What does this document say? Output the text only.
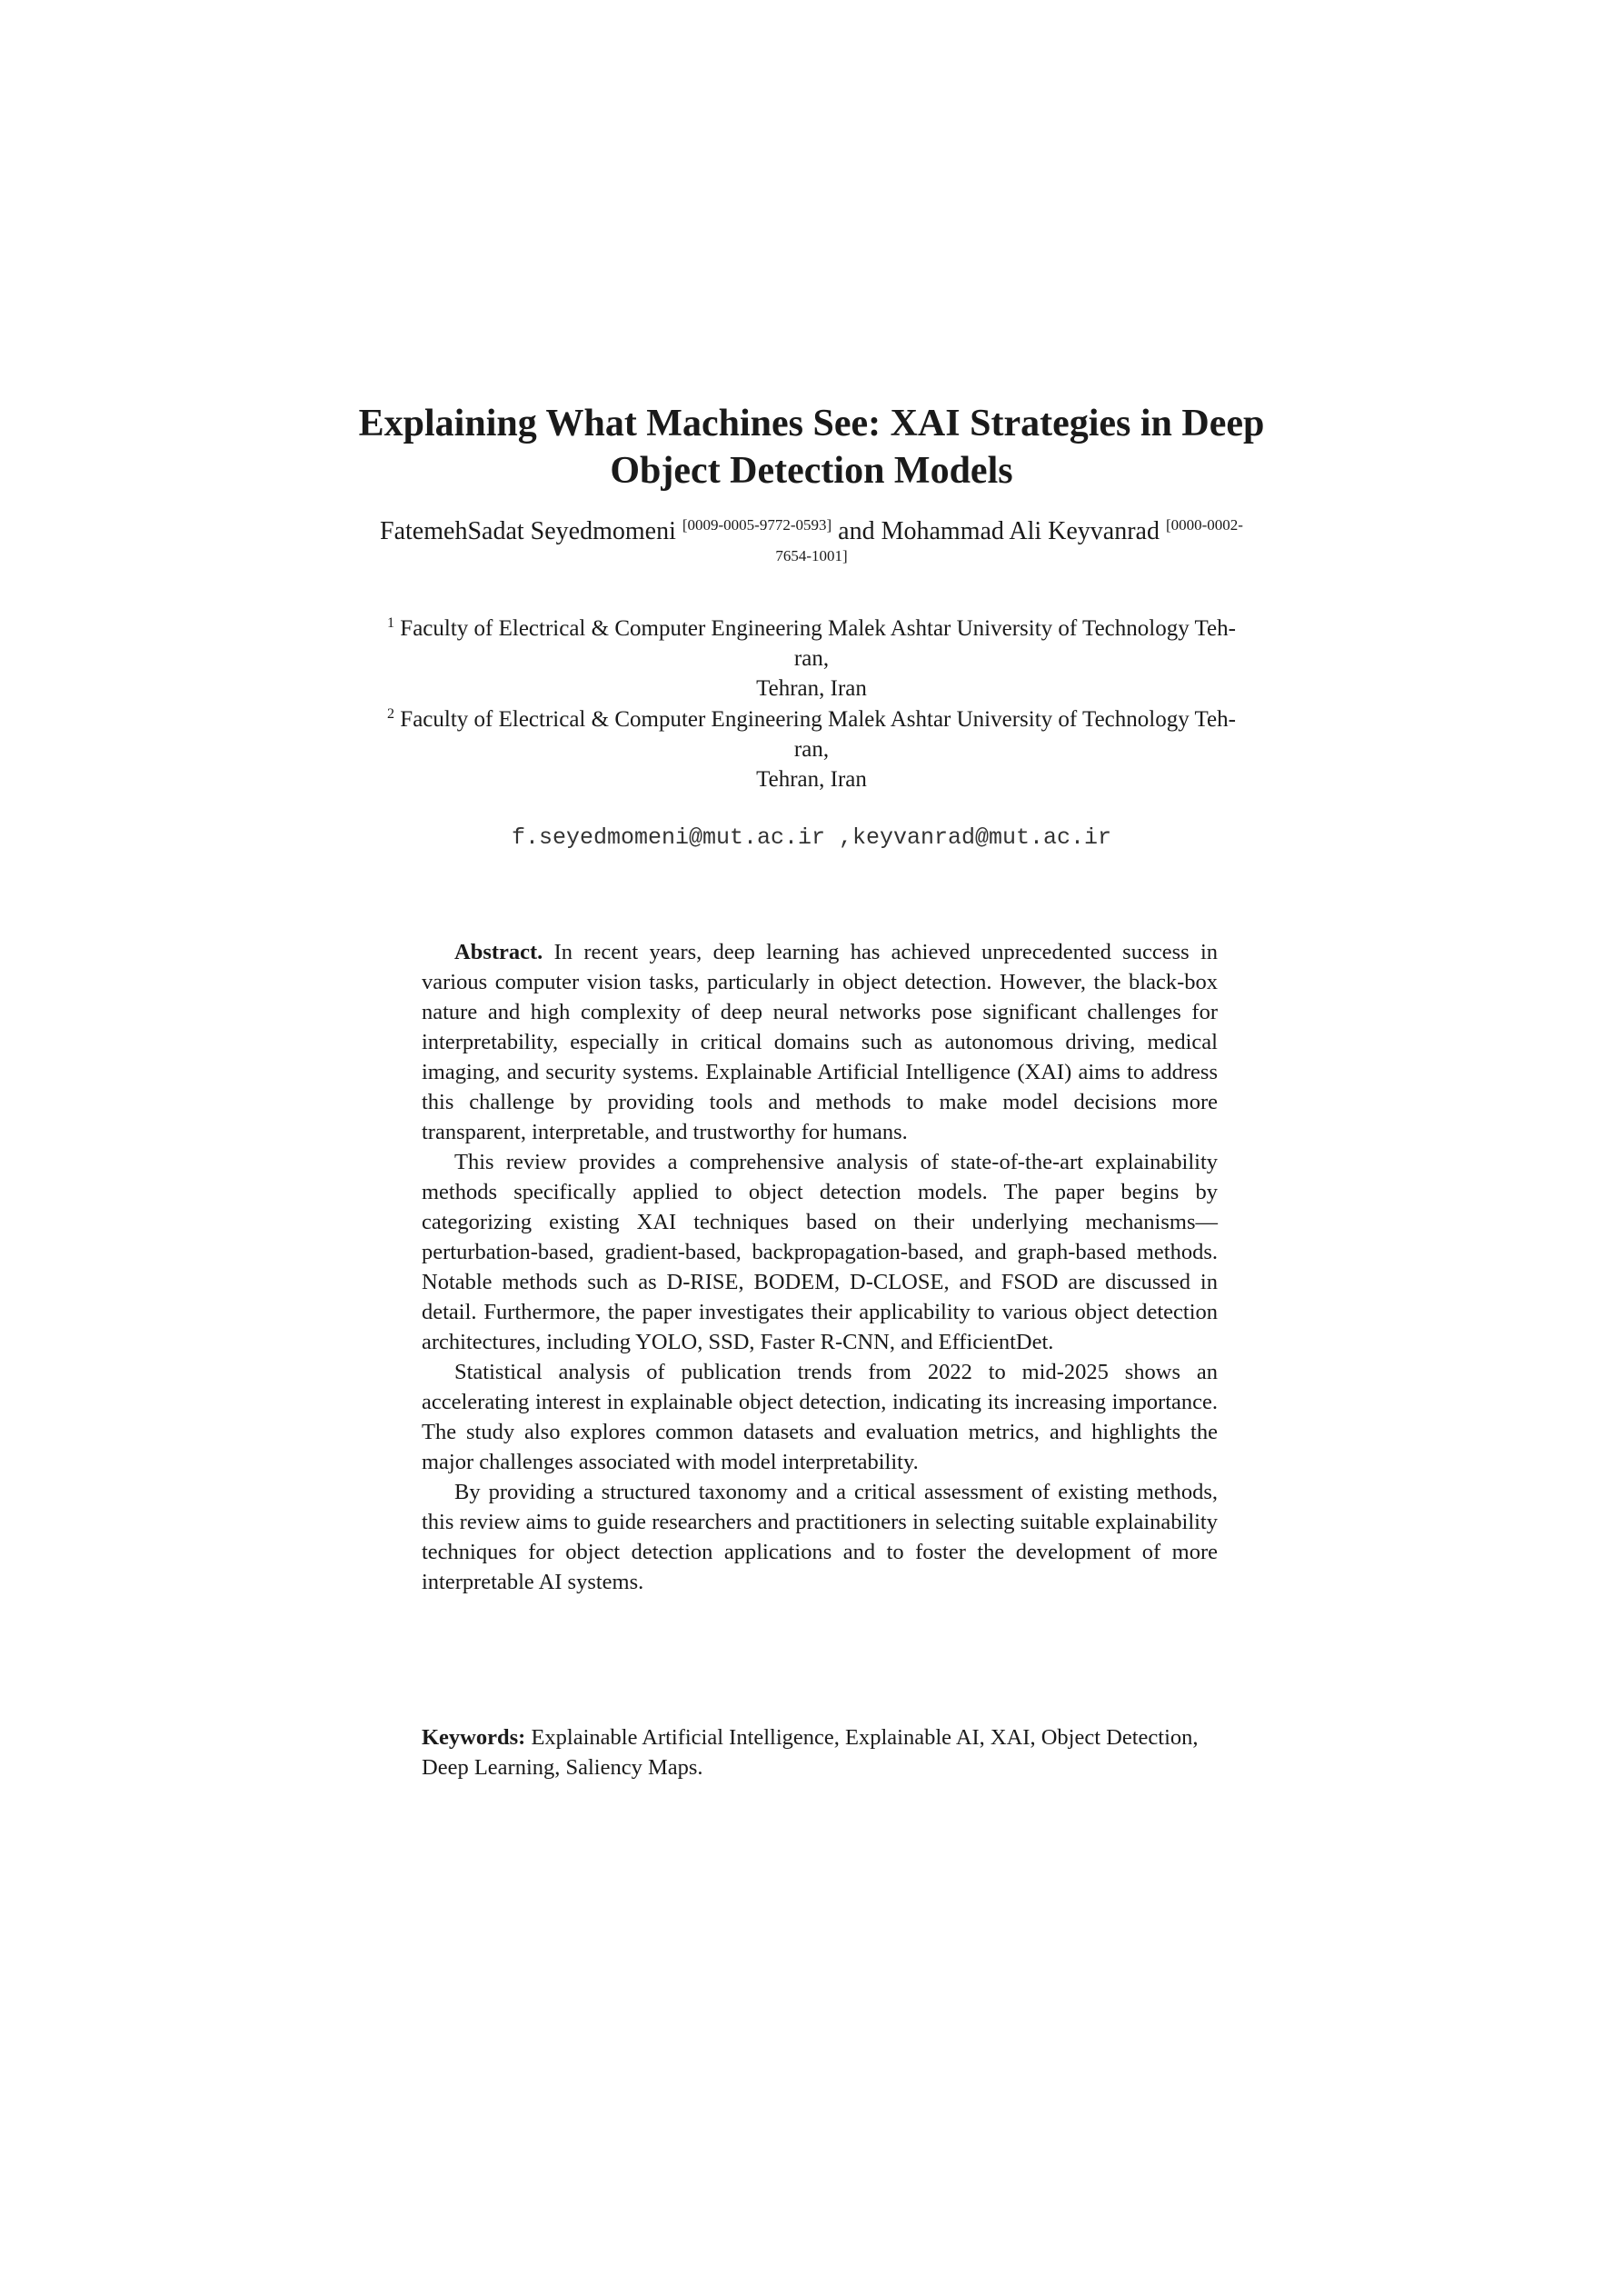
Explaining What Machines See: XAI Strategies in Deep
Object Detection Models
FatemehSadat Seyedmomeni [0009-0005-9772-0593] and Mohammad Ali Keyvanrad $^{[0000-0002-}$
$^{7654-1001]}$
$^1$ Faculty of Electrical & Computer Engineering Malek Ashtar University of Technology Teh-
ran,
Tehran, Iran
$^2$ Faculty of Electrical & Computer Engineering Malek Ashtar University of Technology Teh-
ran,
Tehran, Iran
f.seyedmomeni@mut.ac.ir ,keyvanrad@mut.ac.ir

Abstract. In recent years, deep learning has achieved unprecedented success in various computer vision tasks, particularly in object detection. However, the black-box nature and high complexity of deep neural networks pose significant challenges for interpretability, especially in critical domains such as autonomous driving, medical imaging, and security systems. Explainable Artificial Intelligence (XAI) aims to address this challenge by providing tools and methods to make model decisions more transparent, interpretable, and trustworthy for humans.

This review provides a comprehensive analysis of state-of-the-art explainability methods specifically applied to object detection models. The paper begins by categorizing existing XAI techniques based on their underlying mechanisms—perturbation-based, gradient-based, backpropagation-based, and graph-based methods. Notable methods such as D-RISE, BODEM, D-CLOSE, and FSOD are discussed in detail. Furthermore, the paper investigates their applicability to various object detection architectures, including YOLO, SSD, Faster R-CNN, and EfficientDet.

Statistical analysis of publication trends from 2022 to mid-2025 shows an accelerating interest in explainable object detection, indicating its increasing importance. The study also explores common datasets and evaluation metrics, and highlights the major challenges associated with model interpretability.

By providing a structured taxonomy and a critical assessment of existing methods, this review aims to guide researchers and practitioners in selecting suitable explainability techniques for object detection applications and to foster the development of more interpretable AI systems.

Keywords: Explainable Artificial Intelligence, Explainable AI, XAI, Object Detection, Deep Learning, Saliency Maps.
